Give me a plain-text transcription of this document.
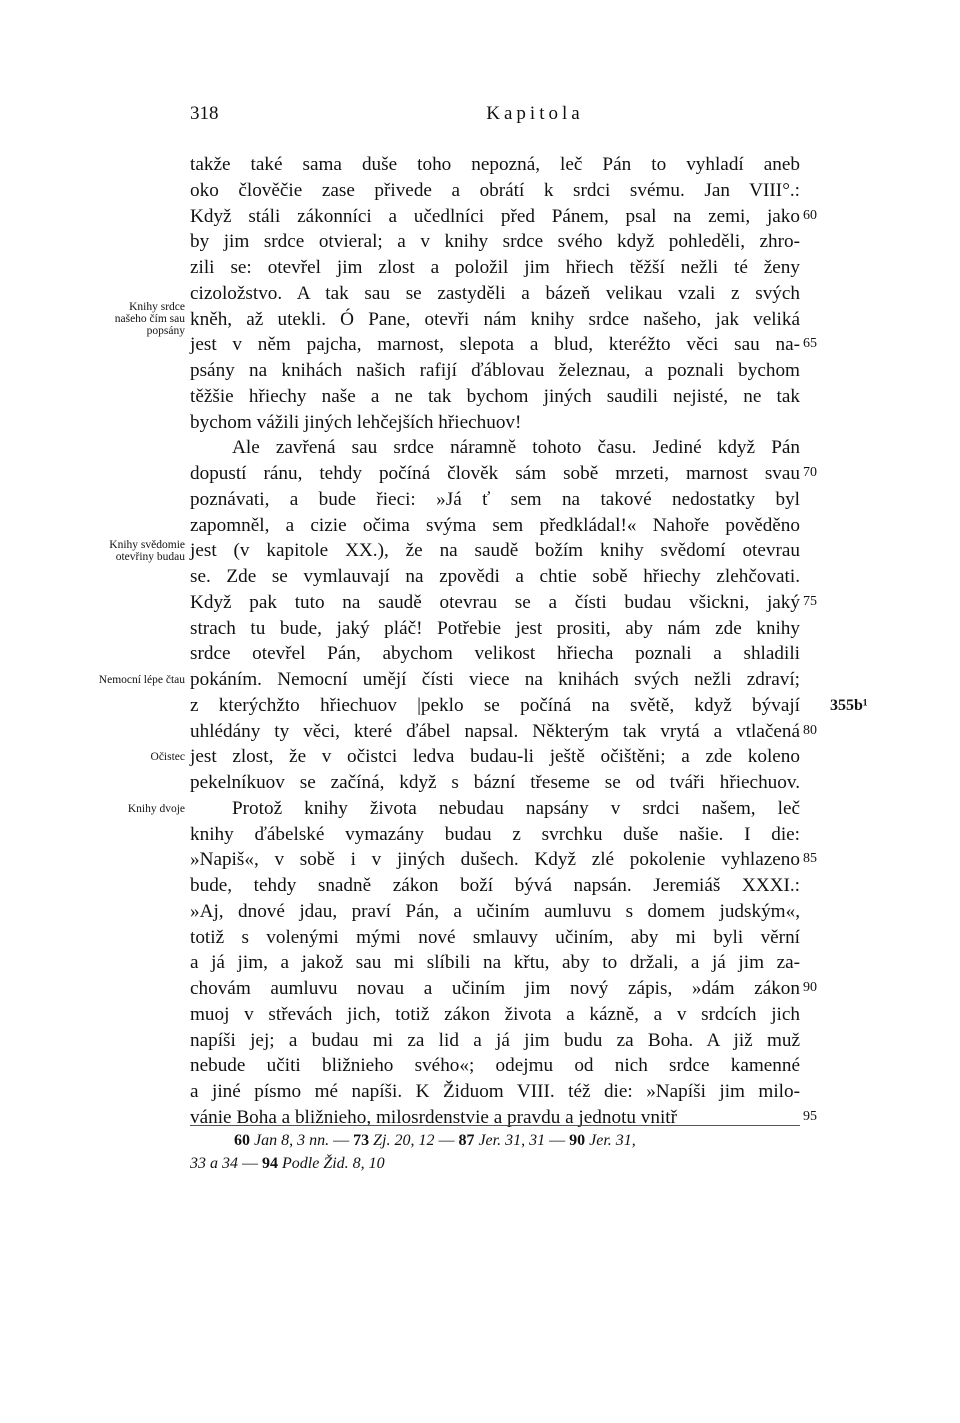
318	Kapitola
takže také sama duše toho nepozná, leč Pán to vyhladí aneb
oko člověčie zase přivede a obrátí k srdci svému. Jan VIII°.:
Když stáli zákonníci a učedlníci před Pánem, psal na zemi, jako
by jim srdce otvieral; a v knihy srdce svého když pohleděli, zhro-
zili se: otevřel jim zlost a položil jim hřiech těžší nežli té ženy
cizoložstvo. A tak sau se zastyděli a bázeň velikau vzali z svých
kněh, až utekli. Ó Pane, otevři nám knihy srdce našeho, jak veliká
jest v něm pajcha, marnost, slepota a blud, kteréžto věci sau na-
psány na knihách našich rafijí ďáblovau železnau, a poznali bychom
těžšie hřiechy naše a ne tak bychom jiných saudili nejisté, ne tak
bychom vážili jiných lehčejších hřiechuov!
Ale zavřená sau srdce náramně tohoto času. Jediné když Pán
dopustí ránu, tehdy počíná člověk sám sobě mrzeti, marnost svau
poznávati, a bude řieci: »Já ť sem na takové nedostatky byl
zapomněl, a cizie očima svýma sem předkládal!« Nahoře pověděno
jest (v kapitole XX.), že na saudě božím knihy svědomí otevrau
se. Zde se vymlauvají na zpovědi a chtie sobě hřiechy zlehčovati.
Když pak tuto na saudě otevrau se a čísti budau všickni, jaký
strach tu bude, jaký pláč! Potřebie jest prositi, aby nám zde knihy
srdce otevřel Pán, abychom velikost hřiecha poznali a shladili
pokáním. Nemocní umějí čísti viece na knihách svých nežli zdraví;
z kterýchžto hřiechuov |peklo se počíná na světě, když bývají
uhlédány ty věci, které ďábel napsal. Některým tak vrytá a vtlačená
jest zlost, že v očistci ledva budau-li ještě očištěni; a zde koleno
pekelníkuov se začíná, když s bázní třeseme se od tváři hřiechuov.
Protož knihy života nebudau napsány v srdci našem, leč
knihy ďábelské vymazány budau z svrchku duše našie. I die:
»Napiš«, v sobě i v jiných dušech. Když zlé pokolenie vyhlazeno
bude, tehdy snadně zákon boží bývá napsán. Jeremiáš XXXI.:
»Aj, dnové jdau, praví Pán, a učiním aumluvu s domem judským«,
totiž s volenými mými nové smlauvy učiním, aby mi byli věrní
a já jim, a jakož sau mi slíbili na křtu, aby to držali, a já jim za-
chovám aumluvu novau a učiním jim nový zápis, »dám zákon
muoj v střevách jich, totiž zákon života a kázně, a v srdcích jich
napíši jej; a budau mi za lid a já jim budu za Boha. A již muž
nebude učiti bližnieho svého«; odejmu od nich srdce kamenné
a jiné písmo mé napíši. K Židuom VIII. též die: »Napíši jim milo-
vánie Boha a bližnieho, milosrdenstvie a pravdu a jednotu vnitř
60
65
70
75
80
85
90
95
Knihy srdce
našeho čím sau
popsány
Knihy svědomie
otevřiny budau
Nemocní lépe čtau
Očistec
Knihy dvoje
355b¹
60 Jan 8, 3 nn. — 73 Zj. 20, 12 — 87 Jer. 31, 31 — 90 Jer. 31,
33 a 34 — 94 Podle Žid. 8, 10
